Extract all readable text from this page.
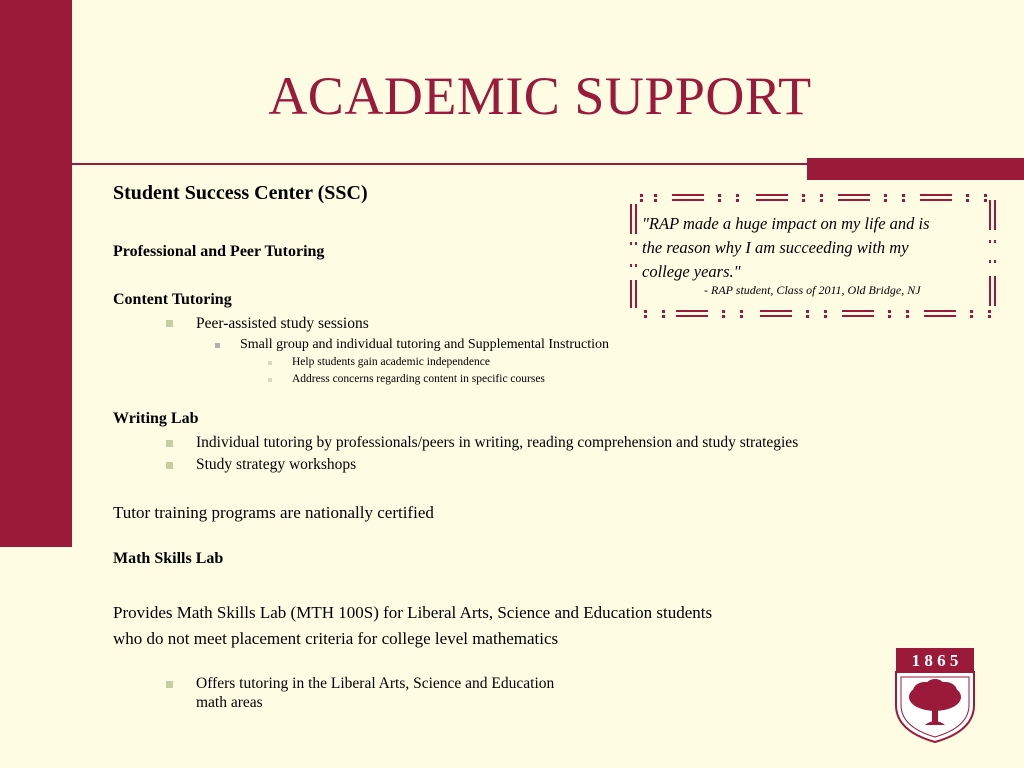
ACADEMIC SUPPORT
Student Success Center (SSC)
Professional and Peer Tutoring
Content Tutoring
Peer-assisted study sessions
Small group and individual tutoring and Supplemental Instruction
Help students gain academic independence
Address concerns regarding content in specific courses
Writing Lab
Individual tutoring by professionals/peers in writing, reading comprehension and study strategies
Study strategy workshops
Tutor training programs are nationally certified
Math Skills Lab
Provides Math Skills Lab (MTH 100S) for Liberal Arts, Science and Education students
who do not meet placement criteria for college level mathematics
Offers tutoring in the Liberal Arts, Science and Education
math areas
"RAP made a huge impact on my life and is
the reason why I am succeeding with my
college years."
- RAP student, Class of 2011, Old Bridge, NJ
1 8 6 5
